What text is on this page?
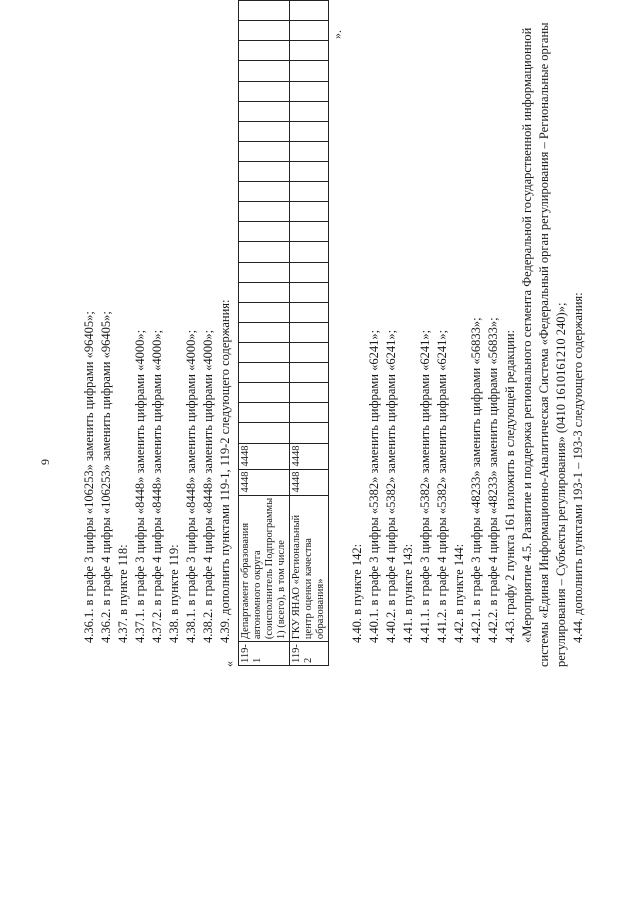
9 4.36.1. в графе 3 цифры «106253» заменить цифрами «96405»; 4.36.2. в графе 4 цифры «106253» заменить цифрами «96405»; 4.37. в пункте 118: 4.37.1. в графе 3 цифры «8448» заменить цифрами «4000»; 4.37.2. в графе 4 цифры «8448» заменить цифрами «4000»; 4.38. в пункте 119: 4.38.1. в графе 3 цифры «8448» заменить цифрами «4000»; 4.38.2. в графе 4 цифры «8448» заменить цифрами «4000»; 4.39. дополнить пунктами 119-1, 119-2 следующего содержания:
«
119-1	Департамент образования автономного округа (соисполнитель Подпрограммы 1) (всего), в том числе	4448	4448																						
119-2	ГКУ ЯНАО «Региональный центр оценки качества образования»	4448	4448																						
».
4.40. в пункте 142: 4.40.1. в графе 3 цифры «5382» заменить цифрами «6241»; 4.40.2. в графе 4 цифры «5382» заменить цифрами «6241»; 4.41. в пункте 143: 4.41.1. в графе 3 цифры «5382» заменить цифрами «6241»; 4.41.2. в графе 4 цифры «5382» заменить цифрами «6241»; 4.42. в пункте 144: 4.42.1. в графе 3 цифры «48233» заменить цифрами «56833»; 4.42.2. в графе 4 цифры «48233» заменить цифрами «56833»; 4.43. графу 2 пункта 161 изложить в следующей редакции: «Мероприятие 4.5. Развитие и поддержка регионального сегмента Федеральной государственной информационной системы «Единая Информационно-Аналитическая Система «Федеральный орган регулирования – Региональные органы регулирования – Субъекты регулирования» (0410 1610161210 240)»; 4.44. дополнить пунктами 193-1 – 193-3 следующего содержания:
